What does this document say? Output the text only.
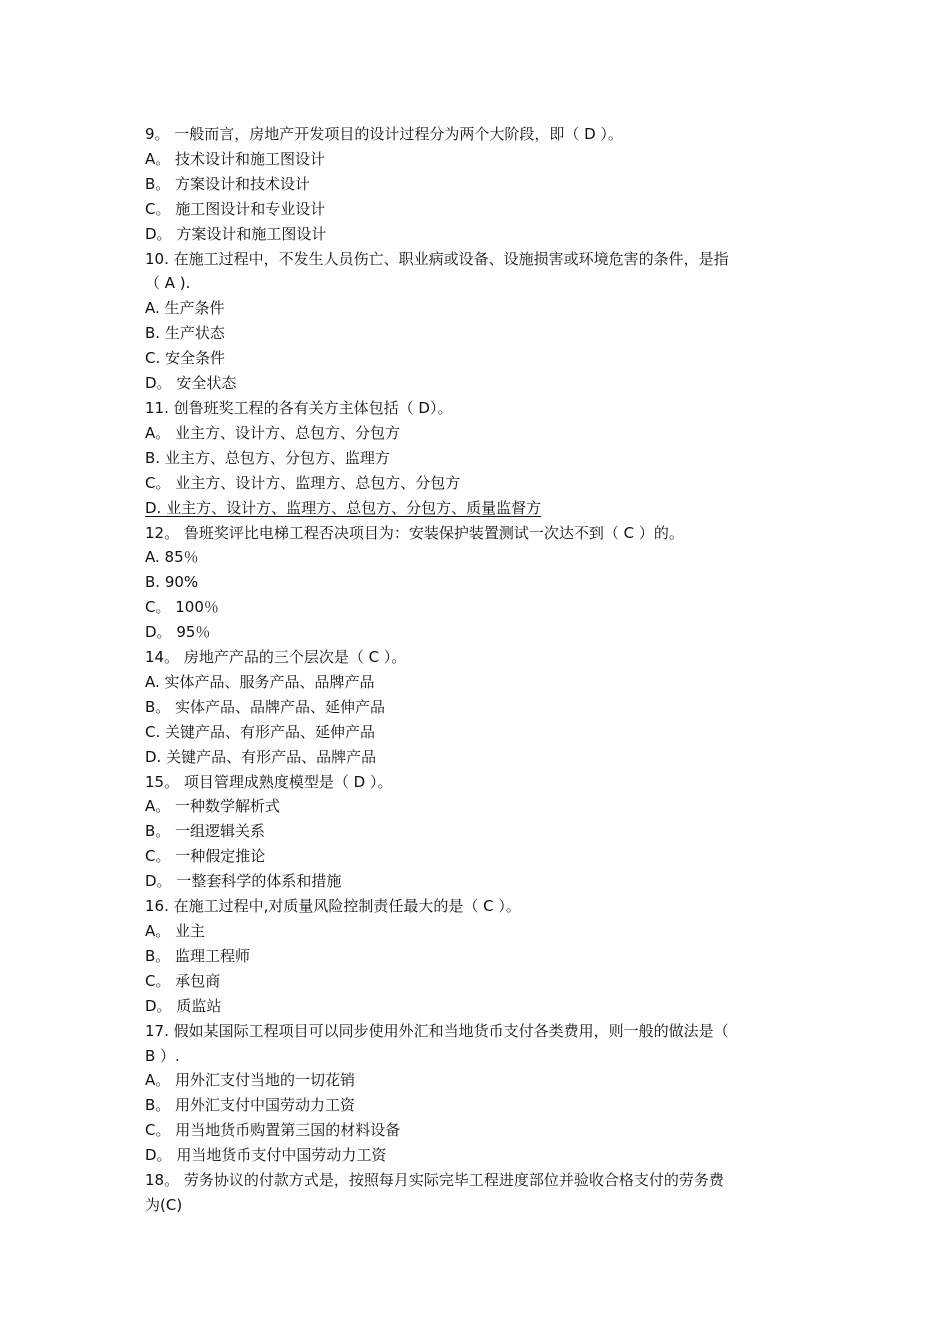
9。 一般而言，房地产开发项目的设计过程分为两个大阶段，即（ D ）。
A。 技术设计和施工图设计
B。 方案设计和技术设计
C。 施工图设计和专业设计
D。 方案设计和施工图设计
10. 在施工过程中，不发生人员伤亡、职业病或设备、设施损害或环境危害的条件，是指
（ A ).
A. 生产条件
B. 生产状态
C. 安全条件
D。 安全状态
11. 创鲁班奖工程的各有关方主体包括（ D）。
A。 业主方、设计方、总包方、分包方
B. 业主方、总包方、分包方、监理方
C。 业主方、设计方、监理方、总包方、分包方
D. 业主方、设计方、监理方、总包方、分包方、质量监督方
12。 鲁班奖评比电梯工程否决项目为：安装保护装置测试一次达不到（ C ）的。
A. 85％
B. 90%
C。 100％
D。 95％
14。 房地产产品的三个层次是（ C ）。
A. 实体产品、服务产品、品牌产品
B。 实体产品、品牌产品、延伸产品
C. 关键产品、有形产品、延伸产品
D. 关键产品、有形产品、品牌产品
15。 项目管理成熟度模型是（ D ）。
A。 一种数学解析式
B。 一组逻辑关系
C。 一种假定推论
D。 一整套科学的体系和措施
16. 在施工过程中,对质量风险控制责任最大的是（ C ）。
A。 业主
B。 监理工程师
C。 承包商
D。 质监站
17. 假如某国际工程项目可以同步使用外汇和当地货币支付各类费用，则一般的做法是（
B ）.
A。 用外汇支付当地的一切花销
B。 用外汇支付中国劳动力工资
C。 用当地货币购置第三国的材料设备
D。 用当地货币支付中国劳动力工资
18。 劳务协议的付款方式是，按照每月实际完毕工程进度部位并验收合格支付的劳务费
为(C)
